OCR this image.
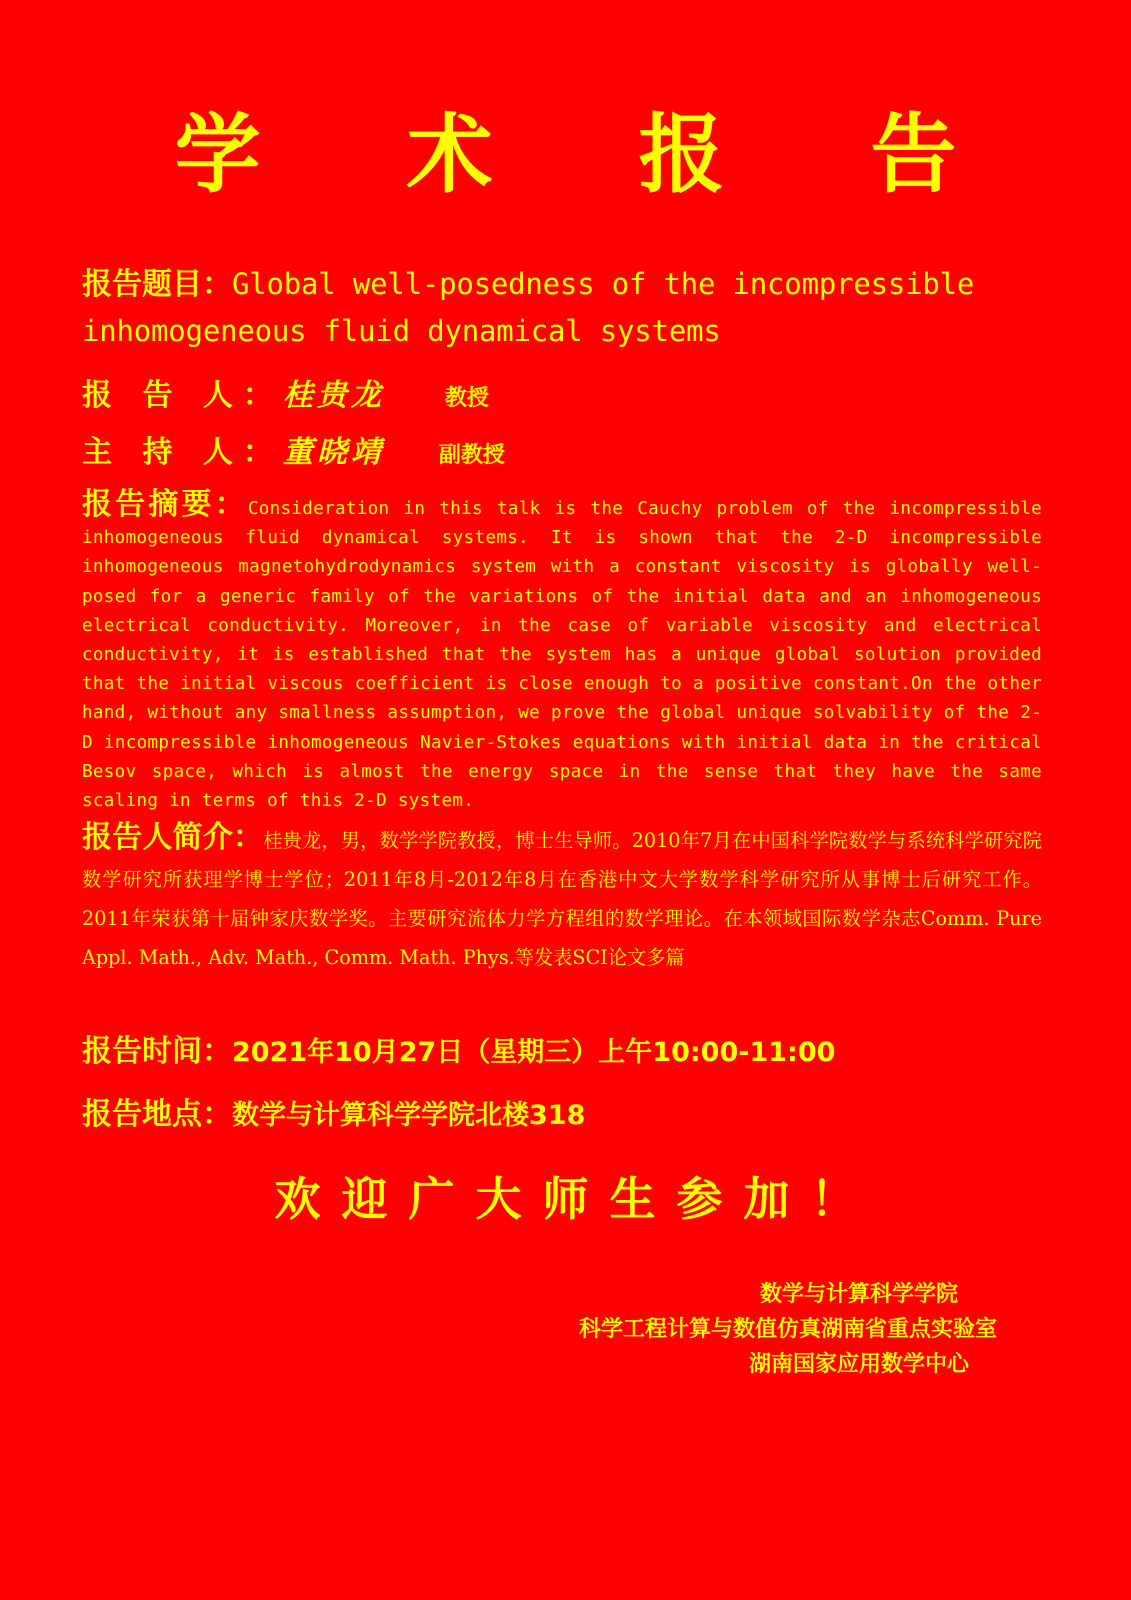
学 术 报 告
报告题目：Global well-posedness of the incompressible inhomogeneous fluid dynamical systems
报 告 人： 桂贵龙	教授
主 持 人： 董晓靖 副教授
报告摘要：Consideration in this talk is the Cauchy problem of the incompressible inhomogeneous fluid dynamical systems. It is shown that the 2-D incompressible inhomogeneous magnetohydrodynamics system with a constant viscosity is globally well-posed for a generic family of the variations of the initial data and an inhomogeneous electrical conductivity. Moreover, in the case of variable viscosity and electrical conductivity, it is established that the system has a unique global solution provided that the initial viscous coefficient is close enough to a positive constant.On the other hand, without any smallness assumption, we prove the global unique solvability of the 2-D incompressible inhomogeneous Navier-Stokes equations with initial data in the critical Besov space, which is almost the energy space in the sense that they have the same scaling in terms of this 2-D system.
报告人简介：桂贵龙，男，数学学院教授，博士生导师。2010年7月在中国科学院数学与系统科学研究院数学研究所获理学博士学位；2011年8月-2012年8月在香港中文大学数学科学研究所从事博士后研究工作。2011年荣获第十届钟家庆数学奖。主要研究流体力学方程组的数学理论。在本领域国际数学杂志Comm. Pure Appl. Math., Adv. Math., Comm. Math. Phys.等发表SCI论文多篇
报告时间：2021年10月27日（星期三）上午10:00-11:00
报告地点：数学与计算科学学院北楼318
欢迎广大师生参加！
数学与计算科学学院
科学工程计算与数值仿真湖南省重点实验室
湖南国家应用数学中心
